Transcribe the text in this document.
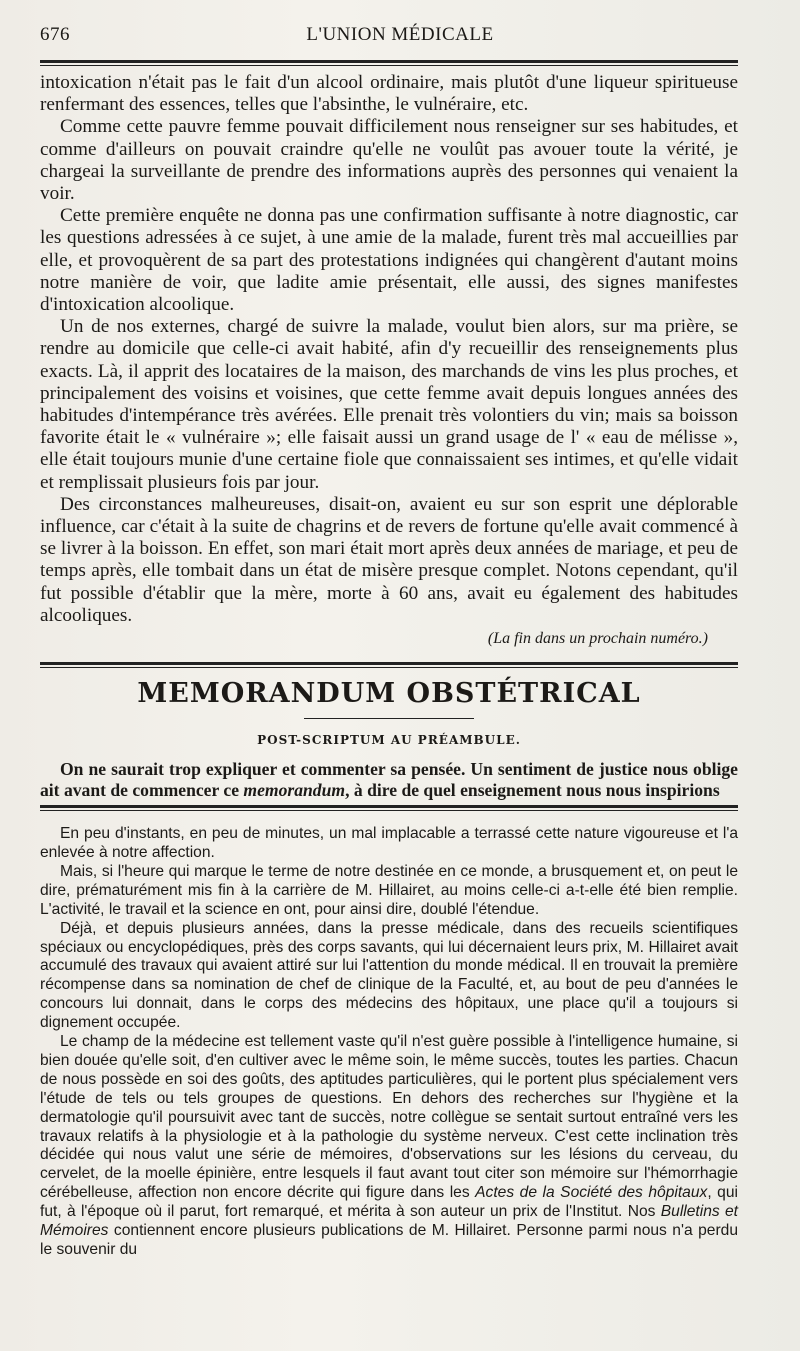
676	L'UNION MÉDICALE

intoxication n'était pas le fait d'un alcool ordinaire, mais plutôt d'une liqueur spiritueuse renfermant des essences, telles que l'absinthe, le vulnéraire, etc.

Comme cette pauvre femme pouvait difficilement nous renseigner sur ses habitudes, et comme d'ailleurs on pouvait craindre qu'elle ne voulût pas avouer toute la vérité, je chargeai la surveillante de prendre des informations auprès des personnes qui venaient la voir.

Cette première enquête ne donna pas une confirmation suffisante à notre diagnostic, car les questions adressées à ce sujet, à une amie de la malade, furent très mal accueillies par elle, et provoquèrent de sa part des protestations indignées qui changèrent d'autant moins notre manière de voir, que ladite amie présentait, elle aussi, des signes manifestes d'intoxication alcoolique.

Un de nos externes, chargé de suivre la malade, voulut bien alors, sur ma prière, se rendre au domicile que celle-ci avait habité, afin d'y recueillir des renseignements plus exacts. Là, il apprit des locataires de la maison, des marchands de vins les plus proches, et principalement des voisins et voisines, que cette femme avait depuis longues années des habitudes d'intempérance très avérées. Elle prenait très volontiers du vin; mais sa boisson favorite était le « vulnéraire »; elle faisait aussi un grand usage de l' « eau de mélisse », elle était toujours munie d'une certaine fiole que connaissaient ses intimes, et qu'elle vidait et remplissait plusieurs fois par jour.

Des circonstances malheureuses, disait-on, avaient eu sur son esprit une déplorable influence, car c'était à la suite de chagrins et de revers de fortune qu'elle avait commencé à se livrer à la boisson. En effet, son mari était mort après deux années de mariage, et peu de temps après, elle tombait dans un état de misère presque complet. Notons cependant, qu'il fut possible d'établir que la mère, morte à 60 ans, avait eu également des habitudes alcooliques.

(La fin dans un prochain numéro.)
MEMORANDUM OBSTÉTRICAL
POST-SCRIPTUM AU PRÉAMBULE.

On ne saurait trop expliquer et commenter sa pensée. Un sentiment de justice nous oblige ait avant de commencer ce memorandum, à dire de quel enseignement nous nous inspirions

En peu d'instants, en peu de minutes, un mal implacable a terrassé cette nature vigoureuse et l'a enlevée à notre affection.

Mais, si l'heure qui marque le terme de notre destinée en ce monde, a brusquement et, on peut le dire, prématurément mis fin à la carrière de M. Hillairet, au moins celle-ci a-t-elle été bien remplie. L'activité, le travail et la science en ont, pour ainsi dire, doublé l'étendue.

Déjà, et depuis plusieurs années, dans la presse médicale, dans des recueils scientifiques spéciaux ou encyclopédiques, près des corps savants, qui lui décernaient leurs prix, M. Hillairet avait accumulé des travaux qui avaient attiré sur lui l'attention du monde médical. Il en trouvait la première récompense dans sa nomination de chef de clinique de la Faculté, et, au bout de peu d'années le concours lui donnait, dans le corps des médecins des hôpitaux, une place qu'il a toujours si dignement occupée.

Le champ de la médecine est tellement vaste qu'il n'est guère possible à l'intelligence humaine, si bien douée qu'elle soit, d'en cultiver avec le même soin, le même succès, toutes les parties. Chacun de nous possède en soi des goûts, des aptitudes particulières, qui le portent plus spécialement vers l'étude de tels ou tels groupes de questions. En dehors des recherches sur l'hygiène et la dermatologie qu'il poursuivit avec tant de succès, notre collègue se sentait surtout entraîné vers les travaux relatifs à la physiologie et à la pathologie du système nerveux. C'est cette inclination très décidée qui nous valut une série de mémoires, d'observations sur les lésions du cerveau, du cervelet, de la moelle épinière, entre lesquels il faut avant tout citer son mémoire sur l'hémorrhagie cérébelleuse, affection non encore décrite qui figure dans les Actes de la Société des hôpitaux, qui fut, à l'époque où il parut, fort remarqué, et mérita à son auteur un prix de l'Institut. Nos Bulletins et Mémoires contiennent encore plusieurs publications de M. Hillairet. Personne parmi nous n'a perdu le souvenir du
